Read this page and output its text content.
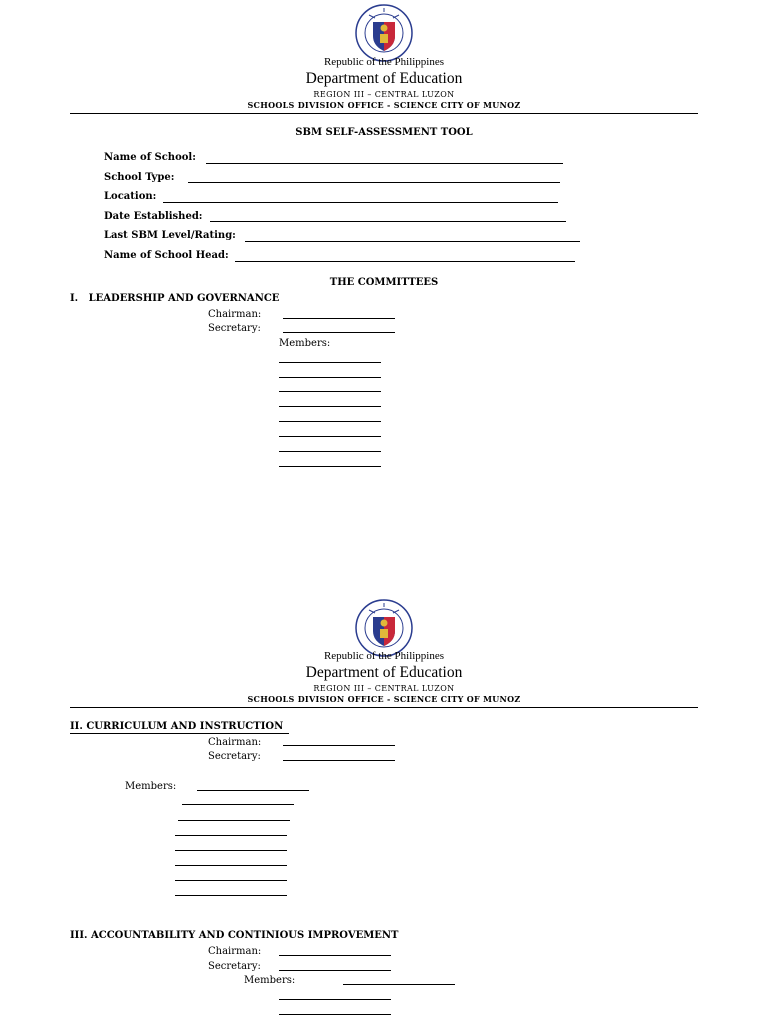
Republic of the Philippines
Department of Education
REGION III – CENTRAL LUZON
SCHOOLS DIVISION OFFICE - SCIENCE CITY OF MUNOZ
SBM SELF-ASSESSMENT TOOL
Name of School:
School Type:
Location:
Date Established:
Last SBM Level/Rating:
Name of School Head:
THE COMMITTEES
I.   LEADERSHIP AND GOVERNANCE
Chairman:
Secretary:
Members:
Republic of the Philippines
Department of Education
REGION III – CENTRAL LUZON
SCHOOLS DIVISION OFFICE - SCIENCE CITY OF MUNOZ
II. CURRICULUM AND INSTRUCTION
Chairman:
Secretary:
Members:
III. ACCOUNTABILITY AND CONTINIOUS IMPROVEMENT
Chairman:
Secretary:
Members:
